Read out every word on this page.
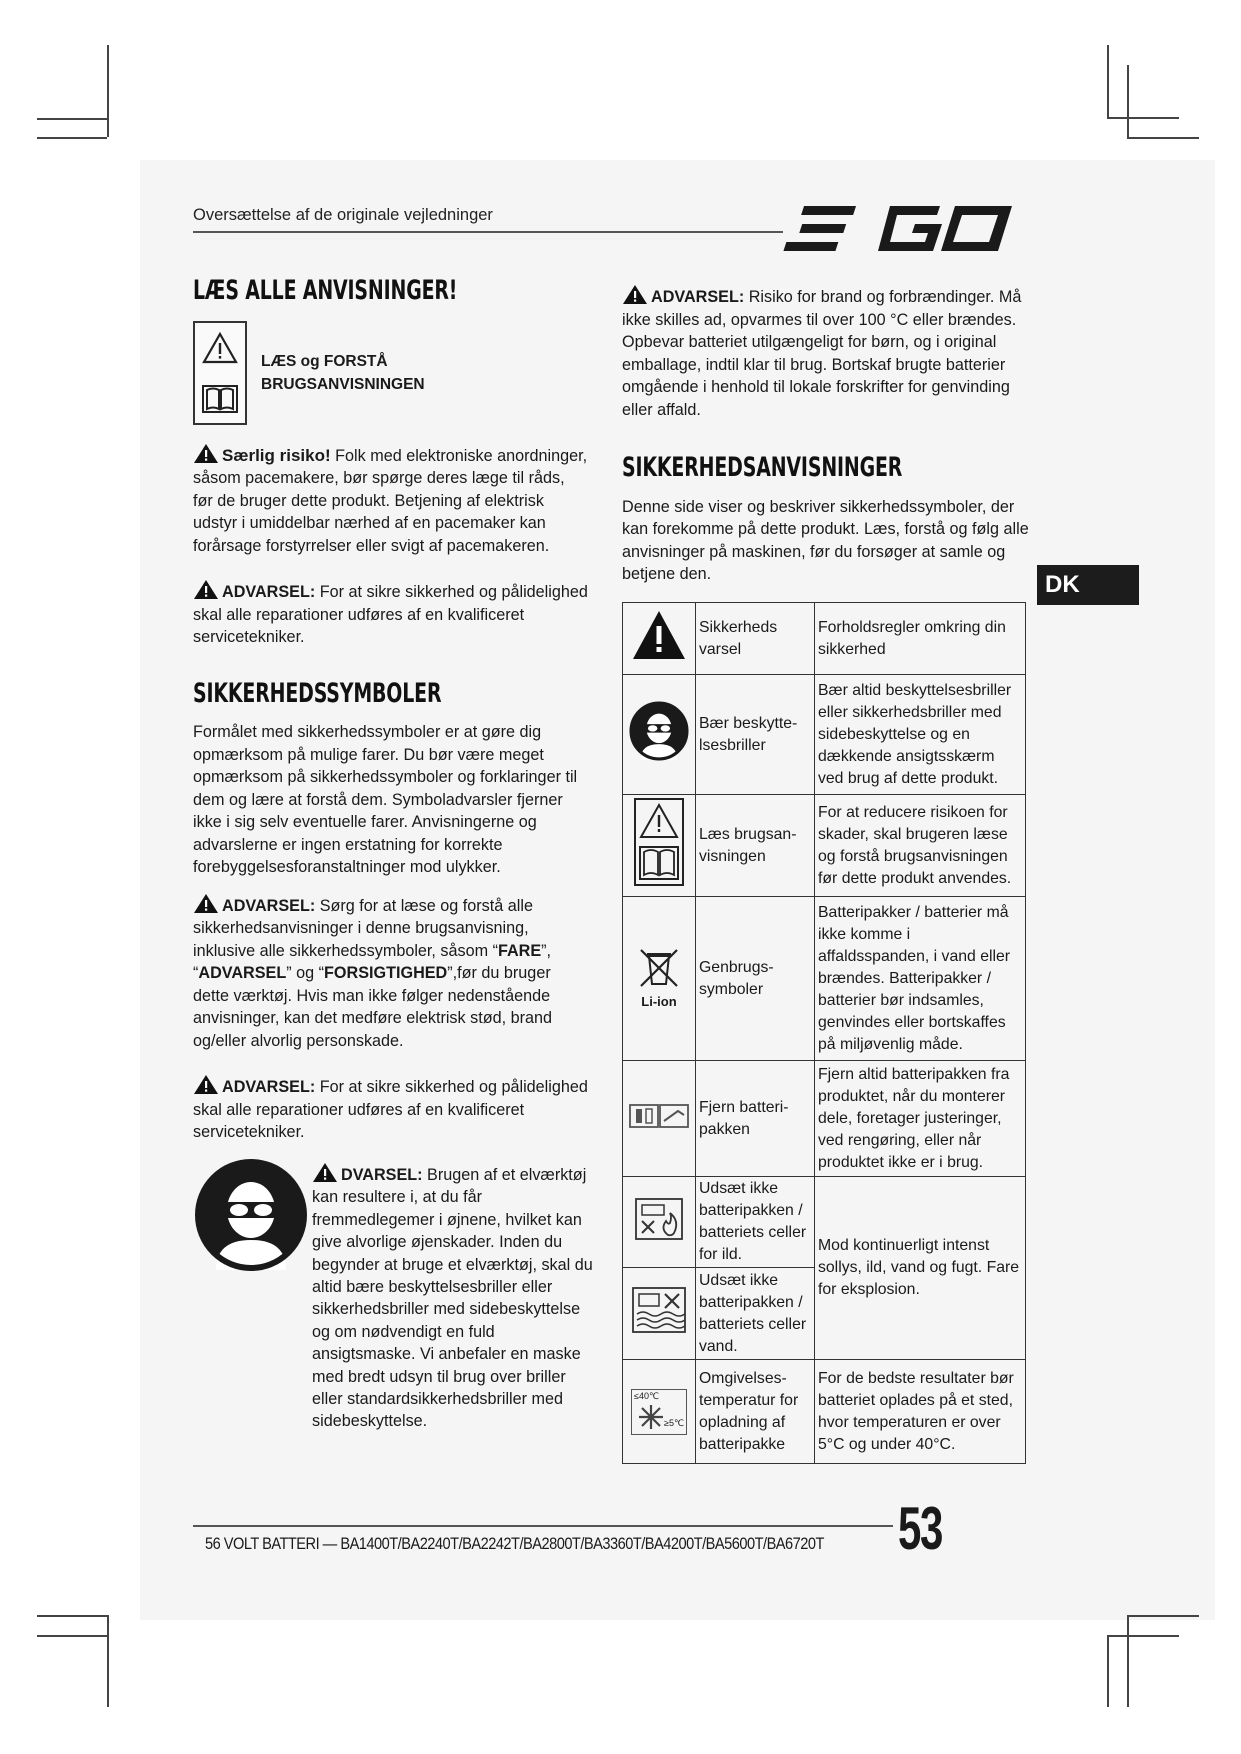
Oversættelse af de originale vejledninger
LÆS ALLE ANVISNINGER!
LÆS og FORSTÅ
BRUGSANVISNINGEN

Særlig risiko! Folk med elektroniske anordninger, såsom pacemakere, bør spørge deres læge til råds, før de bruger dette produkt. Betjening af elektrisk udstyr i umiddelbar nærhed af en pacemaker kan forårsage forstyrrelser eller svigt af pacemakeren.

ADVARSEL: For at sikre sikkerhed og pålidelighed skal alle reparationer udføres af en kvalificeret servicetekniker.

SIKKERHEDSSYMBOLER

Formålet med sikkerhedssymboler er at gøre dig opmærksom på mulige farer. Du bør være meget opmærksom på sikkerhedssymboler og forklaringer til dem og lære at forstå dem. Symboladvarsler fjerner ikke i sig selv eventuelle farer. Anvisningerne og advarslerne er ingen erstatning for korrekte forebyggelsesforanstaltninger mod ulykker.

ADVARSEL: Sørg for at læse og forstå alle sikkerhedsanvisninger i denne brugsanvisning, inklusive alle sikkerhedssymboler, såsom “FARE”, “ADVARSEL” og “FORSIGTIGHED”,før du bruger dette værktøj. Hvis man ikke følger nedenstående anvisninger, kan det medføre elektrisk stød, brand og/eller alvorlig personskade.

ADVARSEL: For at sikre sikkerhed og pålidelighed skal alle reparationer udføres af en kvalificeret servicetekniker.

DVARSEL: Brugen af et elværktøj kan resultere i, at du får fremmedlegemer i øjnene, hvilket kan give alvorlige øjenskader. Inden du begynder at bruge et elværktøj, skal du altid bære beskyttelsesbriller eller sikkerhedsbriller med sidebeskyttelse og om nødvendigt en fuld ansigtsmaske. Vi anbefaler en maske med bredt udsyn til brug over briller eller standardsikkerhedsbriller med sidebeskyttelse.

ADVARSEL: Risiko for brand og forbrændinger. Må ikke skilles ad, opvarmes til over 100 °C eller brændes. Opbevar batteriet utilgængeligt for børn, og i original emballage, indtil klar til brug. Bortskaf brugte batterier omgående i henhold til lokale forskrifter for genvinding eller affald.

SIKKERHEDSANVISNINGER

Denne side viser og beskriver sikkerhedssymboler, der kan forekomme på dette produkt. Læs, forstå og følg alle anvisninger på maskinen, før du forsøger at samle og betjene den.	DK
	Sikkerheds varsel	Forholdsregler omkring din sikkerhed
	Bær beskytte-lsesbriller	Bær altid beskyttelsesbriller eller sikkerhedsbriller med sidebeskyttelse og en dækkende ansigtsskærm ved brug af dette produkt.
	Læs brugsan-visningen	For at reducere risikoen for skader, skal brugeren læse og forstå brugsanvisningen før dette produkt anvendes.

Li-ion	Genbrugs-symboler	Batteripakker / batterier må ikke komme i affaldsspanden, i vand eller brændes. Batteripakker / batterier bør indsamles, genvindes eller bortskaffes på miljøvenlig måde.
	Fjern batteri-pakken	Fjern altid batteripakken fra produktet, når du monterer dele, foretager justeringer, ved rengøring, eller når produktet ikke er i brug.
	Udsæt ikke batteripakken / batteriets celler for ild.	Mod kontinuerligt intenst sollys, ild, vand og fugt. Fare for eksplosion.
	Udsæt ikke batteripakken / batteriets celler vand.	

≤40℃
≥5℃	Omgivelses-temperatur for opladning af batteripakke	For de bedste resultater bør batteriet oplades på et sted, hvor temperaturen er over 5°C og under 40°C.
56 VOLT BATTERI — BA1400T/BA2240T/BA2242T/BA2800T/BA3360T/BA4200T/BA5600T/BA6720T 53
